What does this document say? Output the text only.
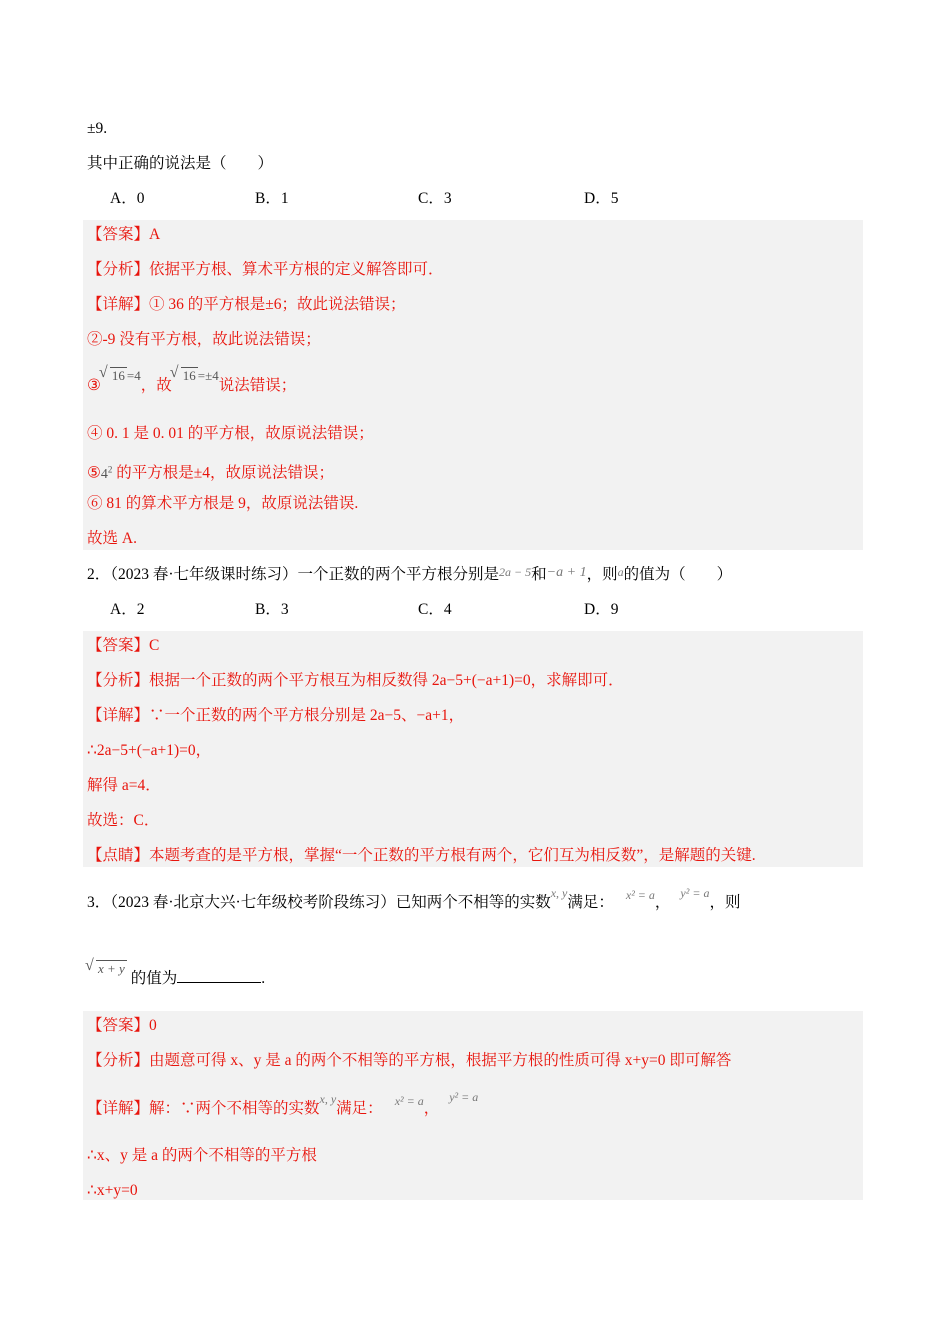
±9.
其中正确的说法是（　　）
A．0	B．1	C．3	D．5
【答案】A
【分析】依据平方根、算术平方根的定义解答即可．
【详解】① 36 的平方根是±6；故此说法错误；
②-9 没有平方根，故此说法错误；
③√ $^{16 =4}$，故√ $^{16 =\pm 4}$说法错误；
④ 0. 1 是 0. 01 的平方根，故原说法错误；
$⑤4^2$ 的平方根是±4，故原说法错误；
⑥ 81 的算术平方根是 9，故原说法错误.
故选 A.
2．（2023 春·七年级课时练习）一个正数的两个平方根分别是2a − 5和−a + 1，则a的值为（　　）
A．2	B．3	C．4	D．9
【答案】C
【分析】根据一个正数的两个平方根互为相反数得 2a−5+(−a+1)=0，求解即可．
【详解】∵一个正数的两个平方根分别是 2a−5、−a+1，
∴2a−5+(−a+1)=0，
解得 a=4．
故选：C．
【点睛】本题考查的是平方根，掌握“一个正数的平方根有两个，它们互为相反数”，是解题的关键.
3．（2023 春·北京大兴·七年级校考阶段练习）已知两个不相等的实数$^{x, y}$满足： $^{x^2 = a}$，$^{y^2 = a}$，则
√ x + y 的值为	.
【答案】0
【分析】由题意可得 x、y 是 a 的两个不相等的平方根，根据平方根的性质可得 x+y=0 即可解答
【详解】解：∵两个不相等的实数$^{x, y}$满足： $^{x^2 = a}$，$^{y^2 = a}$
∴x、y 是 a 的两个不相等的平方根
∴x+y=0
